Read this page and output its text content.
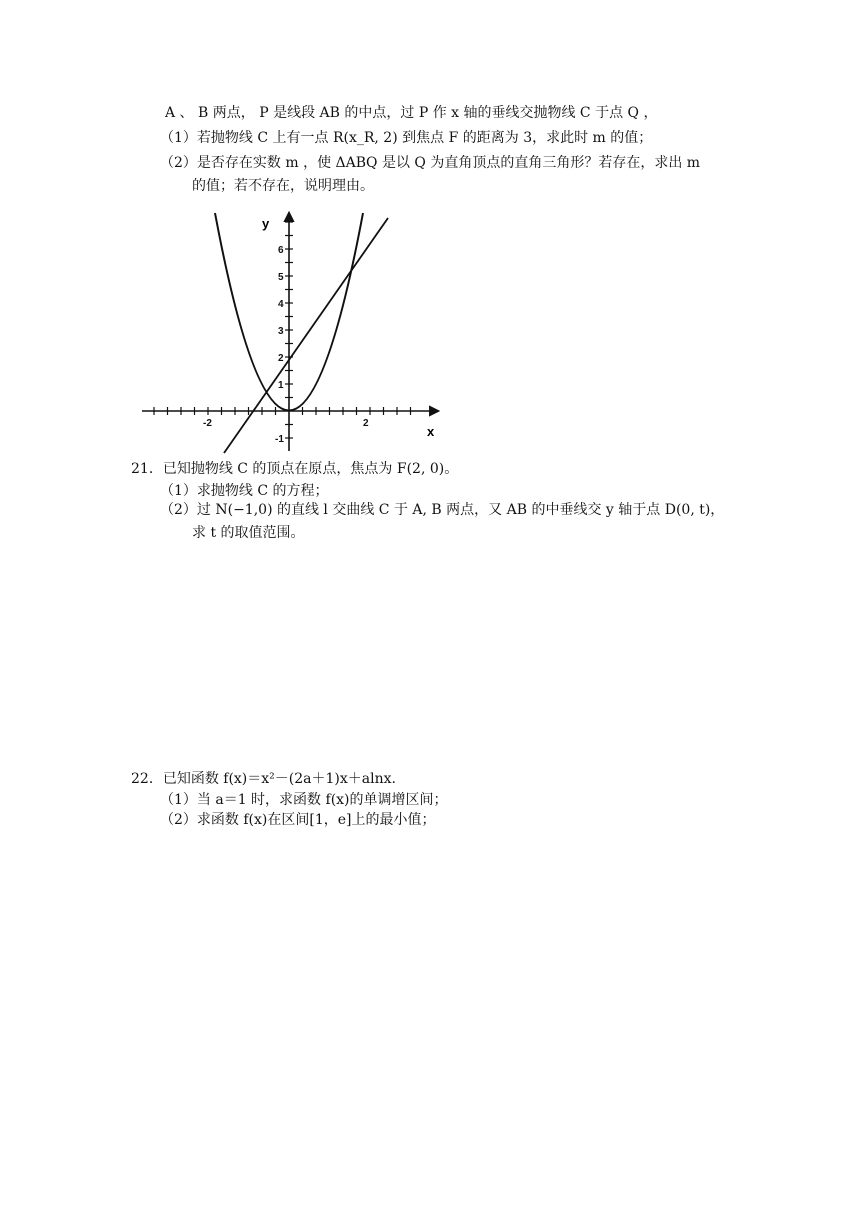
A 、 B 两点， P 是线段 AB 的中点，过 P 作 x 轴的垂线交抛物线 C 于点 Q ，
（1）若抛物线 C 上有一点 R(x_R, 2) 到焦点 F 的距离为 3，求此时 m 的值；
（2）是否存在实数 m ，使 ΔABQ 是以 Q 为直角顶点的直角三角形？若存在，求出 m
的值；若不存在，说明理由。
y
x
6
5
4
3
2
1
-1
-2	2
21．已知抛物线 C 的顶点在原点，焦点为 F(2, 0)。
（1）求抛物线 C 的方程；
（2）过 N(−1,0) 的直线 l 交曲线 C 于 A, B 两点，又 AB 的中垂线交 y 轴于点 D(0, t)，
求 t 的取值范围。
22．已知函数 f(x)＝x²－(2a＋1)x＋alnx.
（1）当 a＝1 时，求函数 f(x)的单调增区间；
（2）求函数 f(x)在区间[1，e]上的最小值；
